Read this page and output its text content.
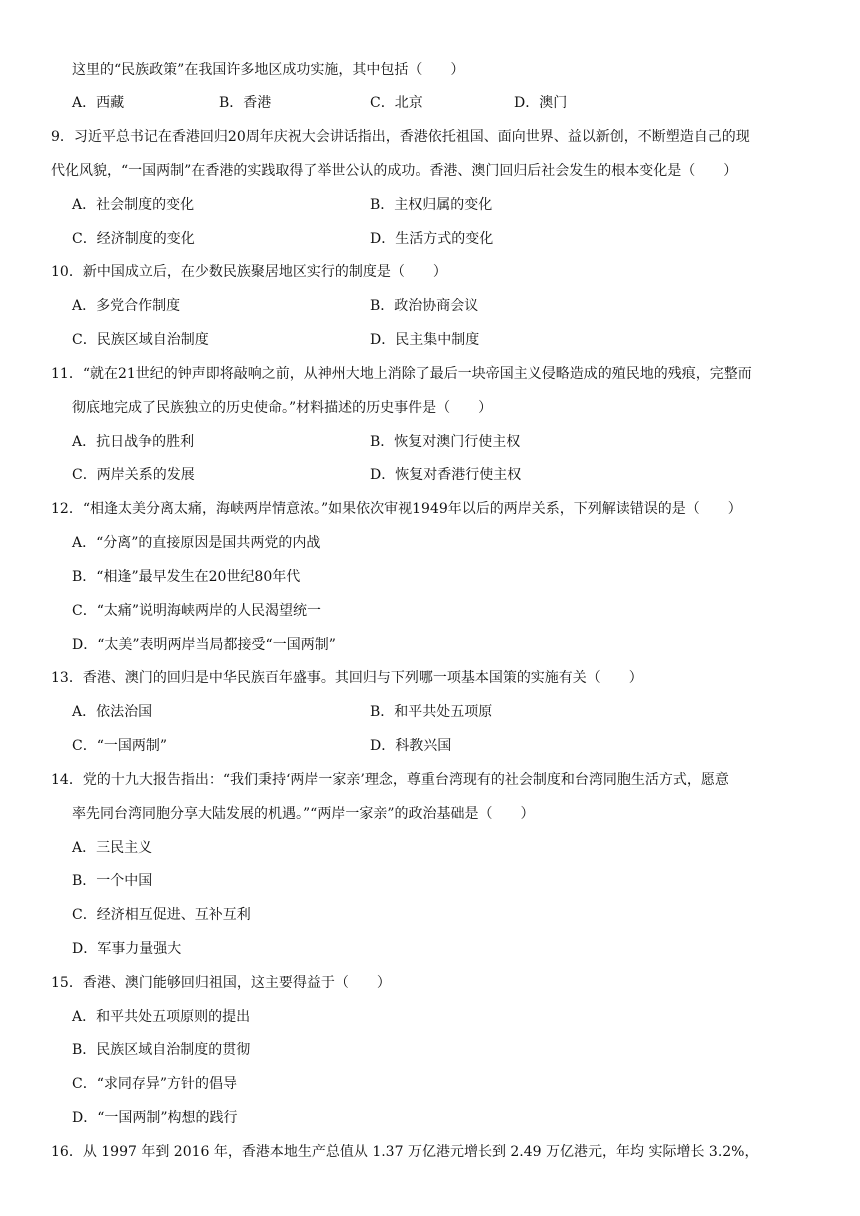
这里的“民族政策”在我国许多地区成功实施，其中包括（　　）
A．西藏	B．香港	C．北京	D．澳门
9．习近平总书记在香港回归20周年庆祝大会讲话指出，香港依托祖国、面向世界、益以新创，不断塑造自己的现
代化风貌，“一国两制”在香港的实践取得了举世公认的成功。香港、澳门回归后社会发生的根本变化是（　　）
A．社会制度的变化	B．主权归属的变化
C．经济制度的变化	D．生活方式的变化
10．新中国成立后，在少数民族聚居地区实行的制度是（　　）
A．多党合作制度	B．政治协商会议
C．民族区域自治制度	D．民主集中制度
11．“就在21世纪的钟声即将敲响之前，从神州大地上消除了最后一块帝国主义侵略造成的殖民地的残痕，完整而
彻底地完成了民族独立的历史使命。”材料描述的历史事件是（　　）
A．抗日战争的胜利	B．恢复对澳门行使主权
C．两岸关系的发展	D．恢复对香港行使主权
12．“相逢太美分离太痛，海峡两岸情意浓。”如果依次审视1949年以后的两岸关系，下列解读错误的是（　　）
A．“分离”的直接原因是国共两党的内战
B．“相逢”最早发生在20世纪80年代
C．“太痛”说明海峡两岸的人民渴望统一
D．“太美”表明两岸当局都接受“一国两制”
13．香港、澳门的回归是中华民族百年盛事。其回归与下列哪一项基本国策的实施有关（　　）
A．依法治国	B．和平共处五项原
C．“一国两制”	D．科教兴国
14．党的十九大报告指出：“我们秉持‘两岸一家亲’理念，尊重台湾现有的社会制度和台湾同胞生活方式，愿意
率先同台湾同胞分享大陆发展的机遇。”“两岸一家亲”的政治基础是（　　）
A．三民主义
B．一个中国
C．经济相互促进、互补互利
D．军事力量强大
15．香港、澳门能够回归祖国，这主要得益于（　　）
A．和平共处五项原则的提出
B．民族区域自治制度的贯彻
C．“求同存异”方针的倡导
D．“一国两制”构想的践行
16．从 1997 年到 2016 年，香港本地生产总值从 1.37 万亿港元增长到 2.49 万亿港元，年均 实际增长 3.2%，
